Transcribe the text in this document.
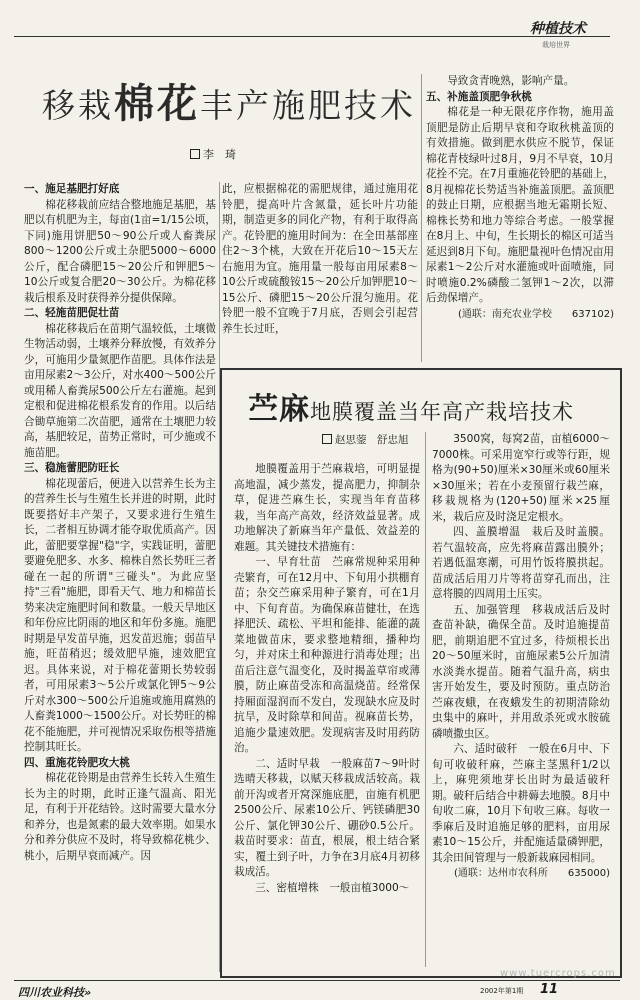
种植技术
栽培世界
移栽棉花丰产施肥技术
李　琦

一、施足基肥打好底

棉花移栽前应结合整地施足基肥，基肥以有机肥为主，每亩(1亩=1/15公顷，下同)施用饼肥50～90公斤或人畜粪尿800～1200公斤或土杂肥5000～6000公斤，配合磷肥15～20公斤和钾肥5～10公斤或复合肥20～30公斤。为棉花移栽后根系及时获得养分提供保障。

二、轻施苗肥促壮苗

棉花移栽后在苗期气温较低，土壤微生物活动弱，土壤养分释放慢，有效养分少，可施用少量氮肥作苗肥。具体作法是亩用尿素2～3公斤，对水400～500公斤或用稀人畜粪尿500公斤左右灌施。起到定根和促进棉花根系发育的作用。以后结合锄草施第二次苗肥，通常在土壤肥力较高，基肥较足，苗势正常时，可少施或不施苗肥。

三、稳施蕾肥防旺长

棉花现蕾后，便进入以营养生长为主的营养生长与生殖生长并进的时期，此时既要搭好丰产架子，又要求进行生殖生长，二者相互协调才能夺取优质高产。因此，蕾肥要掌握"稳"字，实践证明，蕾肥要避免肥多、水多、棉株自然长势旺三者碰在一起的所谓"三碰头"。为此应坚持"三看"施肥，即看天气、地力和棉苗长势来决定施肥时间和数量。一般天旱地区和年份应比阴雨的地区和年份多施。施肥时期是早发苗早施，迟发苗迟施；弱苗早施，旺苗稍迟；缓效肥早施，速效肥宜迟。具体来说，对于棉花蕾期长势较弱者，可用尿素3～5公斤或氯化钾5～9公斤对水300～500公斤追施或施用腐熟的人畜粪1000～1500公斤。对长势旺的棉花不能施肥，并可视情况采取伤根等措施控制其旺长。

四、重施花铃肥攻大桃

棉花花铃期是由营养生长转入生殖生长为主的时期，此时正逢气温高、阳光足，有利于开花结铃。这时需要大量水分和养分，也是氮素的最大效率期。如果水分和养分供应不及时，将导致棉花桃少、桃小，后期早衰而减产。因

此，应根据棉花的需肥规律，通过施用花铃肥，提高叶片含氮量，延长叶片功能期，制造更多的同化产物，有利于取得高产。花铃肥的施用时间为：在全田基部座住2～3个桃，大致在开花后10～15天左右施用为宜。施用量一般每亩用尿素8～10公斤或硫酸铵15～20公斤加钾肥10～15公斤、磷肥15～20公斤混匀施用。花铃肥一般不宜晚于7月底，否则会引起营养生长过旺，

导致贪青晚熟，影响产量。

五、补施盖顶肥争秋桃

棉花是一种无限花序作物，施用盖顶肥是防止后期早衰和夺取秋桃盖顶的有效措施。做到肥水供应不脱节，保证棉花青枝绿叶过8月，9月不早衰，10月花拴不完。在7月重施花铃肥的基础上，8月视棉花长势适当补施盖顶肥。盖顶肥的鼓止日期，应根据当地无霜期长短、棉株长势和地力等综合考虑。一般掌握在8月上、中旬，生长期长的棉区可适当延迟到8月下旬。施肥量视叶色情况亩用尿素1～2公斤对水灌施或叶面喷施，同时喷施0.2%磷酸二氢钾1～2次，以滞后劲保增产。

(通联：南充农业学校　　637102)

苎麻地膜覆盖当年高产栽培技术
赵思蓥　舒忠旭

地膜覆盖用于苎麻栽培，可明显提高地温，减少蒸发，提高肥力，抑制杂草，促进苎麻生长，实现当年育苗移栽，当年高产高效，经济效益显著。成功地解决了新麻当年产量低、效益差的难题。其关键技术措施有：

一、早育壮苗　苎麻常规种采用种壳繁育，可在12月中、下旬用小拱棚育苗；杂交苎麻采用种子繁育，可在1月中、下旬育苗。为确保麻苗健壮，在选择肥沃、疏松、平坦和能排、能灌的蔬菜地做苗床，要求整地精细，播种均匀，并对床土和种源进行消毒处理；出苗后注意气温变化，及时揭盖草帘或薄膜，防止麻苗受冻和高温烧苗。经常保持厢面湿润而不发白，发现缺水应及时抗旱，及时除草和间苗。视麻苗长势，追施少量速效肥。发现病害及时用药防治。

二、适时早栽　一般麻苗7～9叶时选晴天移栽，以赋天移栽成活较高。栽前开沟或者开窝深施底肥，亩施有机肥2500公斤、尿素10公斤、钙镁磷肥30公斤、氯化钾30公斤、硼砂0.5公斤。栽苗时要求：苗直，根展，根土结合紧实，覆土到子叶，力争在3月底4月初移栽成活。

三、密植增株　一般亩植3000～

3500窝，每窝2苗，亩植6000～7000株。可采用宽窄行或等行距，规格为(90+50)厘米×30厘米或60厘米×30厘米；若在小麦预留行栽苎麻，移栽规格为(120+50)厘米×25厘米，栽后应及时浇足定根水。

四、盖膜增温　栽后及时盖膜。若气温较高，应先将麻苗露出膜外；若遇低温寒潮，可用竹饭将膜拱起。苗成活后用刀片等将苗穿孔而出，注意将膜的四周用土压实。

五、加强管理　移栽成活后及时查苗补缺，确保全苗。及时追施提苗肥，前期追肥不宜过多，待烦根长出20～50厘米时，亩施尿素5公斤加清水淡粪水提苗。随着气温升高，病虫害开始发生，要及时预防。重点防治苎麻夜蛾，在夜蛾发生的初期清除幼虫集中的麻叶，并用敌杀死或水胺硫磷喷撒虫区。

六、适时破秆　一般在6月中、下旬可收破秆麻，苎麻主茎黑秆1/2以上，麻兜须地芽长出时为最适破秆期。破秆后结合中耕薅去地膜。8月中旬收二麻，10月下旬收三麻。每收一季麻后及时追施足够的肥料，亩用尿素10～15公斤，并配施适量磷钾肥，其余田间管理与一般新栽麻园相同。

(通联：达州市农科所　　635000)

www.tuercrops.com
四川农业科技»	2002年第1期 11
